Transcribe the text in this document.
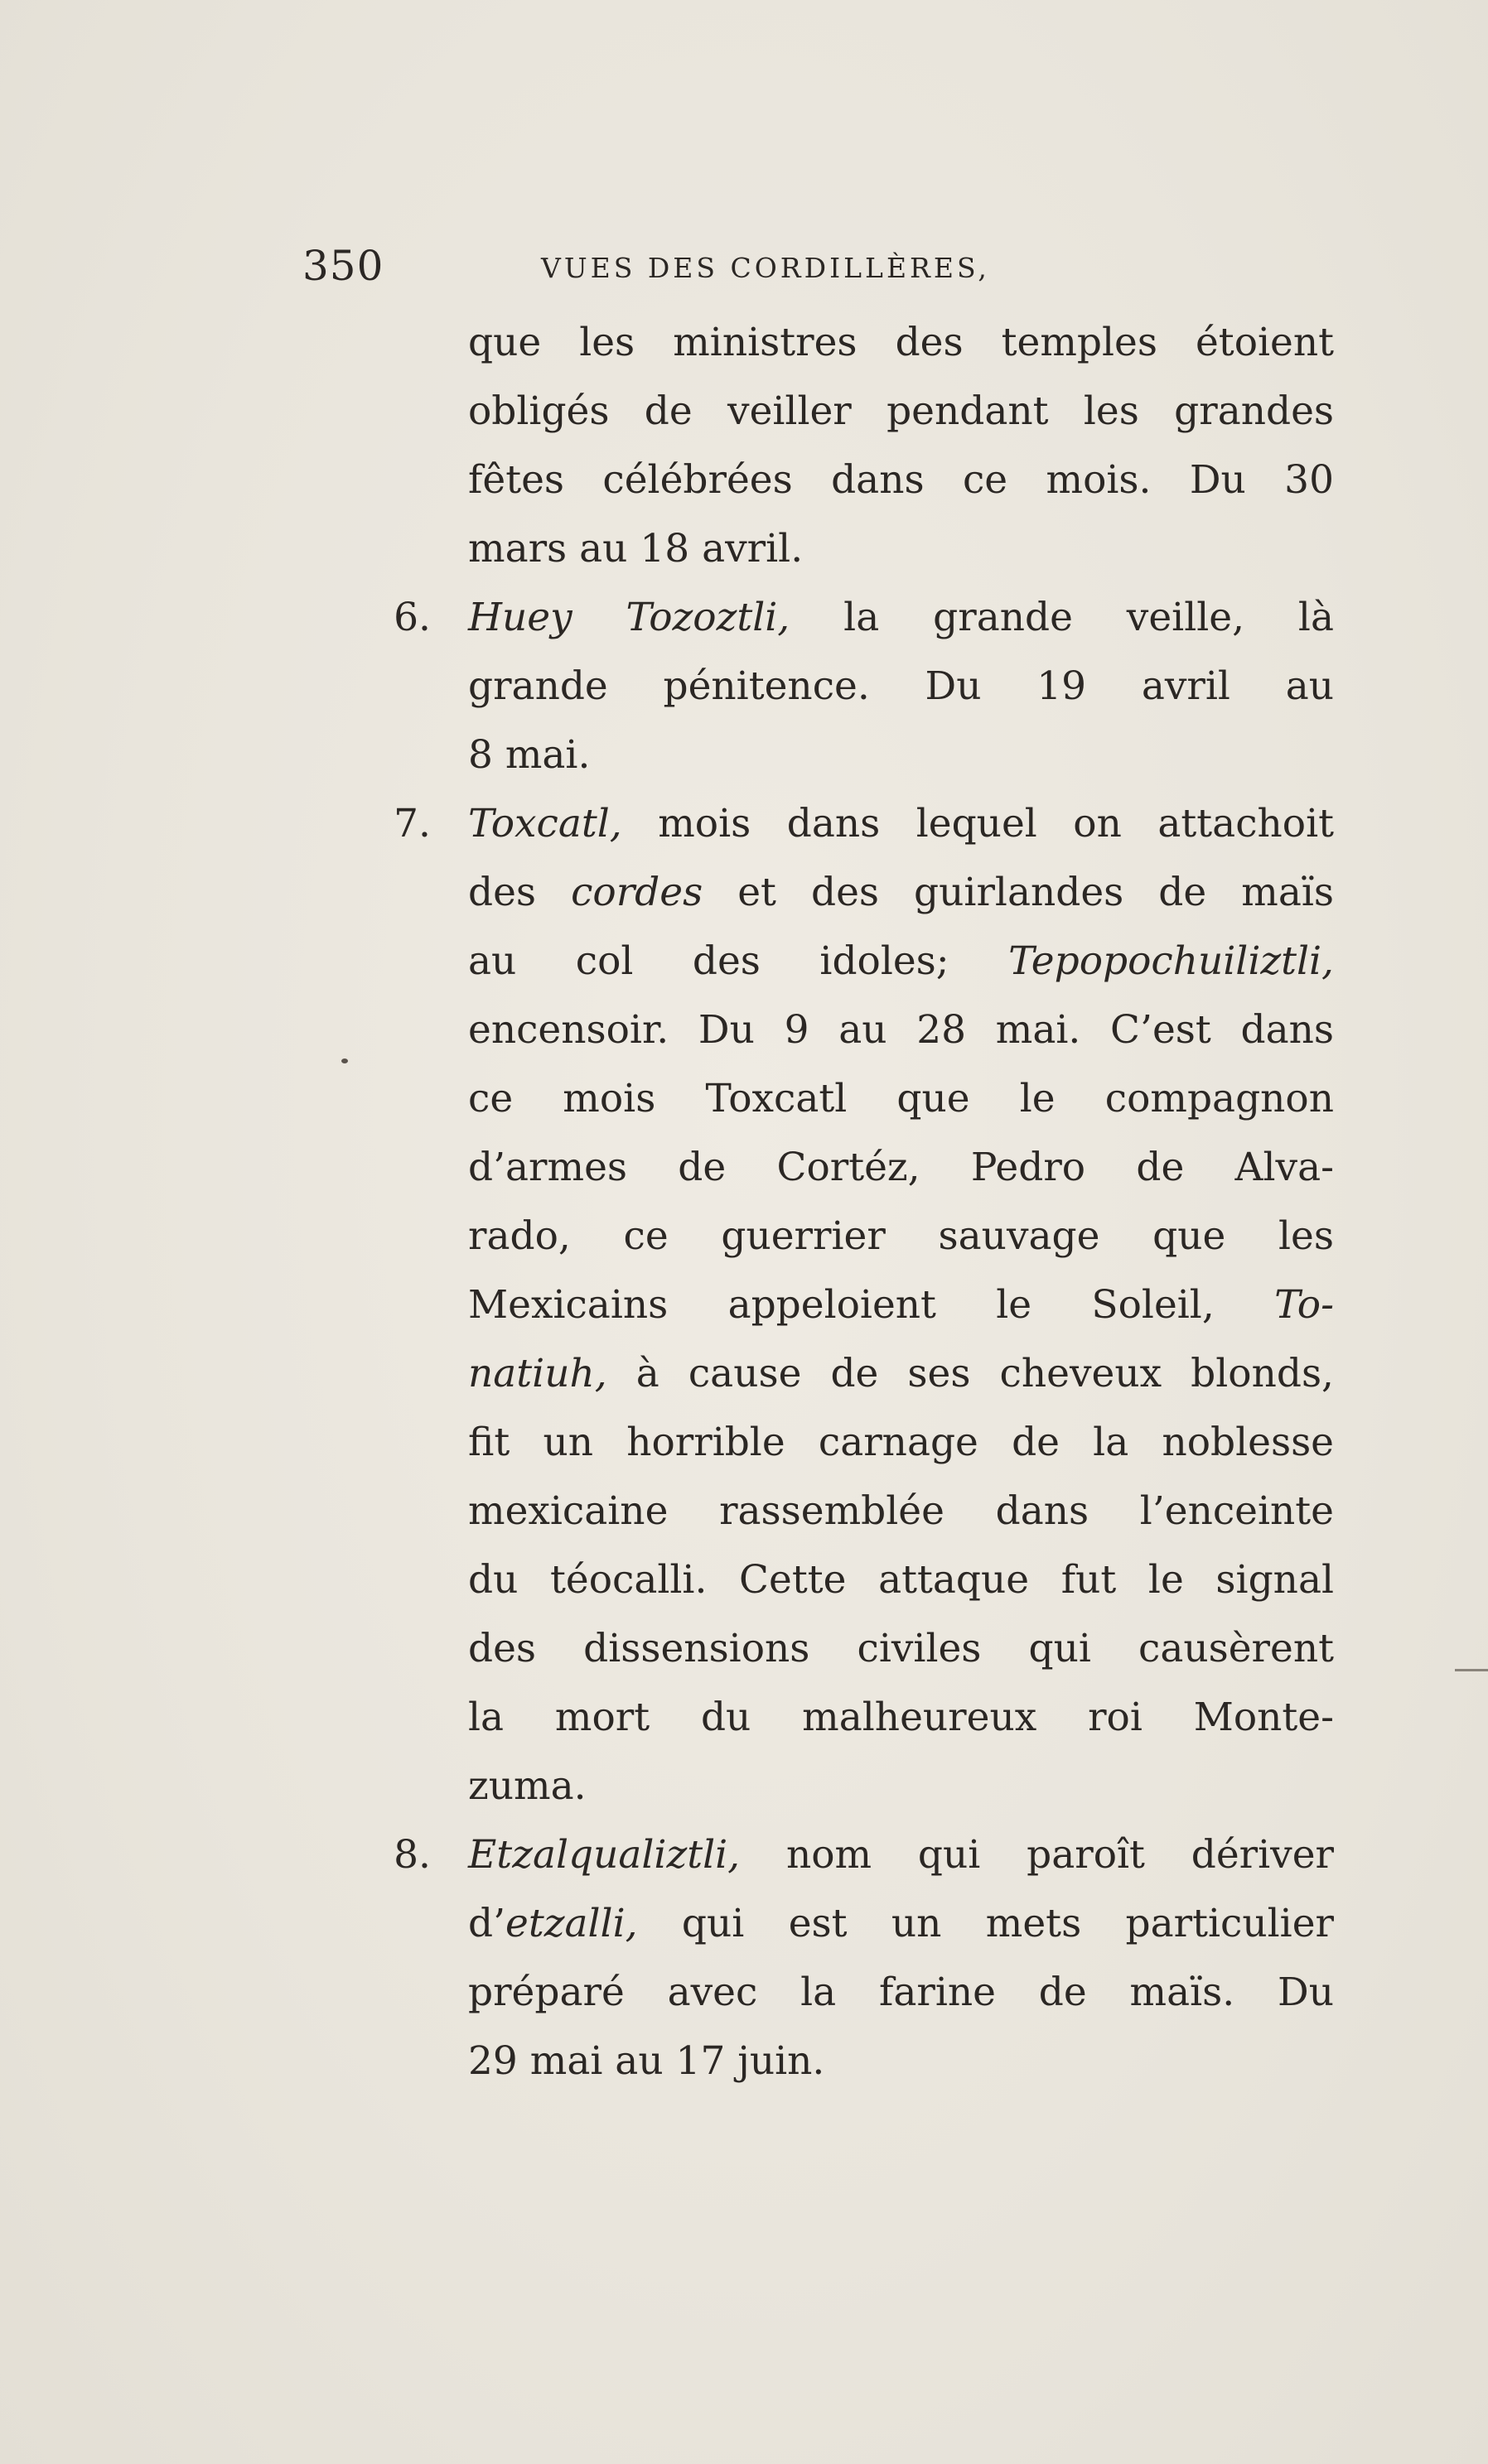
350	VUES DES CORDILLÈRES,
que les ministres des temples étoient
obligés de veiller pendant les grandes
fêtes célébrées dans ce mois. Du 30
mars au 18 avril.
6. Huey Tozoztli, la grande veille, là
grande pénitence. Du 19 avril au
8 mai.
7. Toxcatl, mois dans lequel on attachoit
des cordes et des guirlandes de maïs
au col des idoles; Tepopochuiliztli,
encensoir. Du 9 au 28 mai. C’est dans
ce mois Toxcatl que le compagnon
d’armes de Cortéz, Pedro de Alva-
rado, ce guerrier sauvage que les
Mexicains appeloient le Soleil, To-
natiuh, à cause de ses cheveux blonds,
fit un horrible carnage de la noblesse
mexicaine rassemblée dans l’enceinte
du téocalli. Cette attaque fut le signal
des dissensions civiles qui causèrent
la mort du malheureux roi Monte-
zuma.
8. Etzalqualiztli, nom qui paroît dériver
d’etzalli, qui est un mets particulier
préparé avec la farine de maïs. Du
29 mai au 17 juin.
